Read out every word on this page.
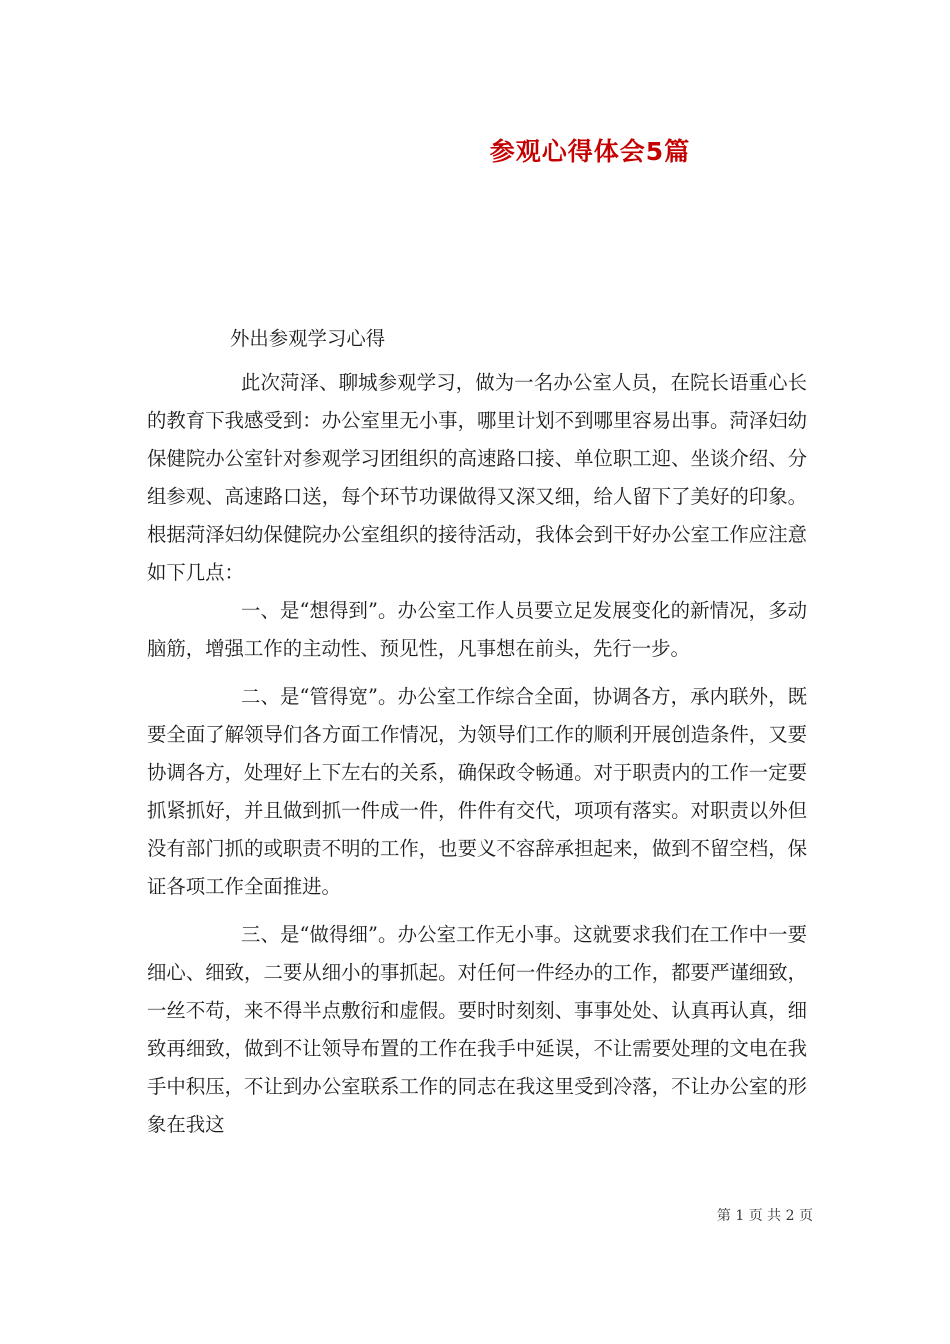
参观心得体会5篇
外出参观学习心得

此次菏泽、聊城参观学习，做为一名办公室人员，在院长语重心长的教育下我感受到：办公室里无小事，哪里计划不到哪里容易出事。菏泽妇幼保健院办公室针对参观学习团组织的高速路口接、单位职工迎、坐谈介绍、分组参观、高速路口送，每个环节功课做得又深又细，给人留下了美好的印象。根据菏泽妇幼保健院办公室组织的接待活动，我体会到干好办公室工作应注意如下几点：

一、是“想得到”。办公室工作人员要立足发展变化的新情况，多动脑筋，增强工作的主动性、预见性，凡事想在前头，先行一步。

二、是“管得宽”。办公室工作综合全面，协调各方，承内联外，既要全面了解领导们各方面工作情况，为领导们工作的顺利开展创造条件，又要协调各方，处理好上下左右的关系，确保政令畅通。对于职责内的工作一定要抓紧抓好，并且做到抓一件成一件，件件有交代，项项有落实。对职责以外但没有部门抓的或职责不明的工作，也要义不容辞承担起来，做到不留空档，保证各项工作全面推进。

三、是“做得细”。办公室工作无小事。这就要求我们在工作中一要细心、细致，二要从细小的事抓起。对任何一件经办的工作，都要严谨细致，一丝不苟，来不得半点敷衍和虚假。要时时刻刻、事事处处、认真再认真，细致再细致，做到不让领导布置的工作在我手中延误，不让需要处理的文电在我手中积压，不让到办公室联系工作的同志在我这里受到冷落，不让办公室的形象在我这

第 1 页 共 2 页
